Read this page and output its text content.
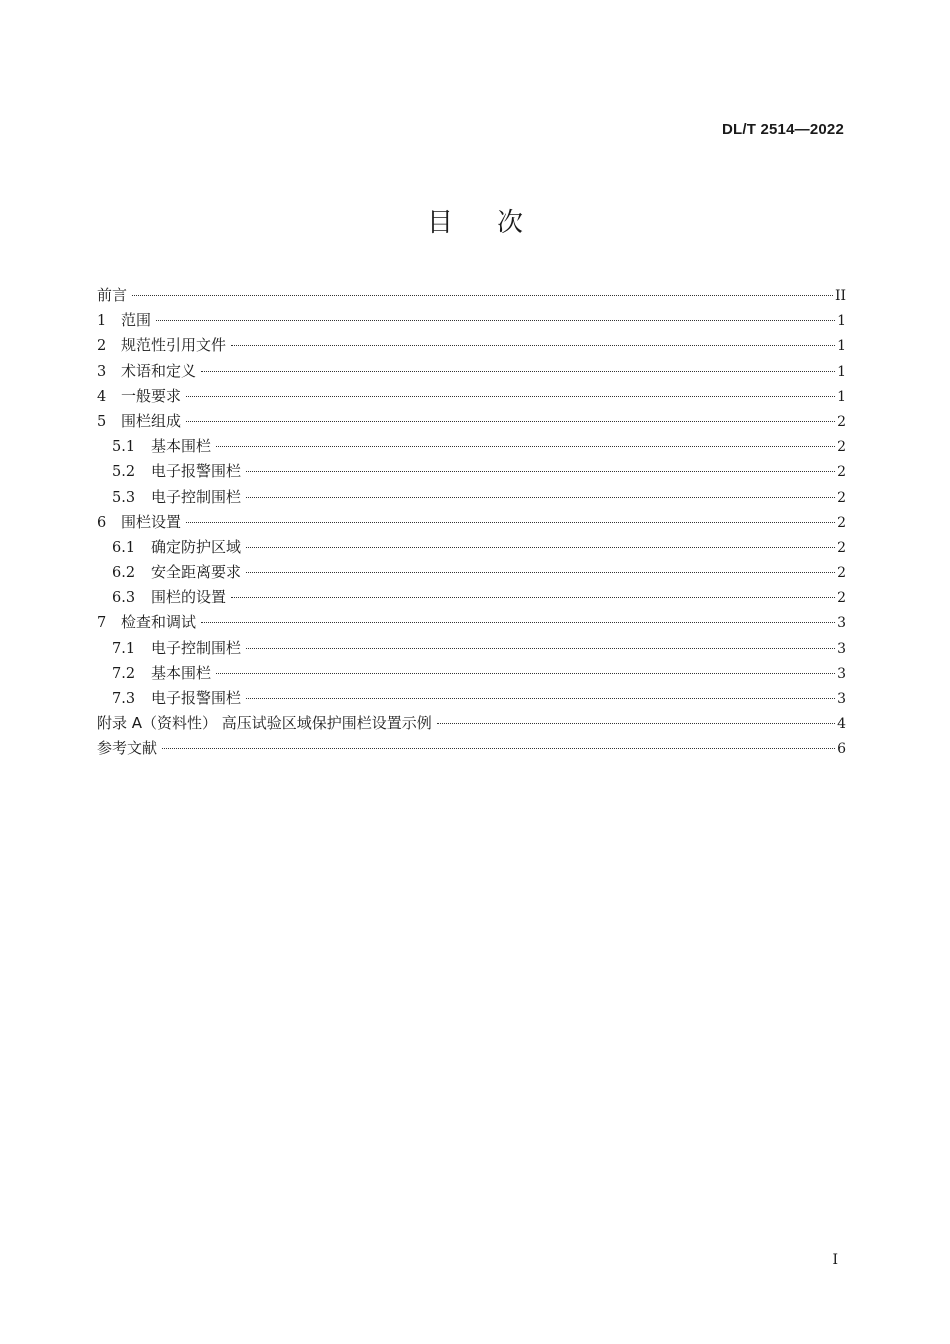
DL/T 2514—2022
目次
前言	II
1 范围	1
2 规范性引用文件	1
3 术语和定义	1
4 一般要求	1
5 围栏组成	2
5.1	基本围栏	2
5.2	电子报警围栏	2
5.3	电子控制围栏	2
6 围栏设置	2
6.1	确定防护区域	2
6.2	安全距离要求	2
6.3	围栏的设置	2
7 检查和调试	3
7.1	电子控制围栏	3
7.2	基本围栏	3
7.3	电子报警围栏	3
附录 A（资料性） 高压试验区域保护围栏设置示例	4
参考文献	6
I
